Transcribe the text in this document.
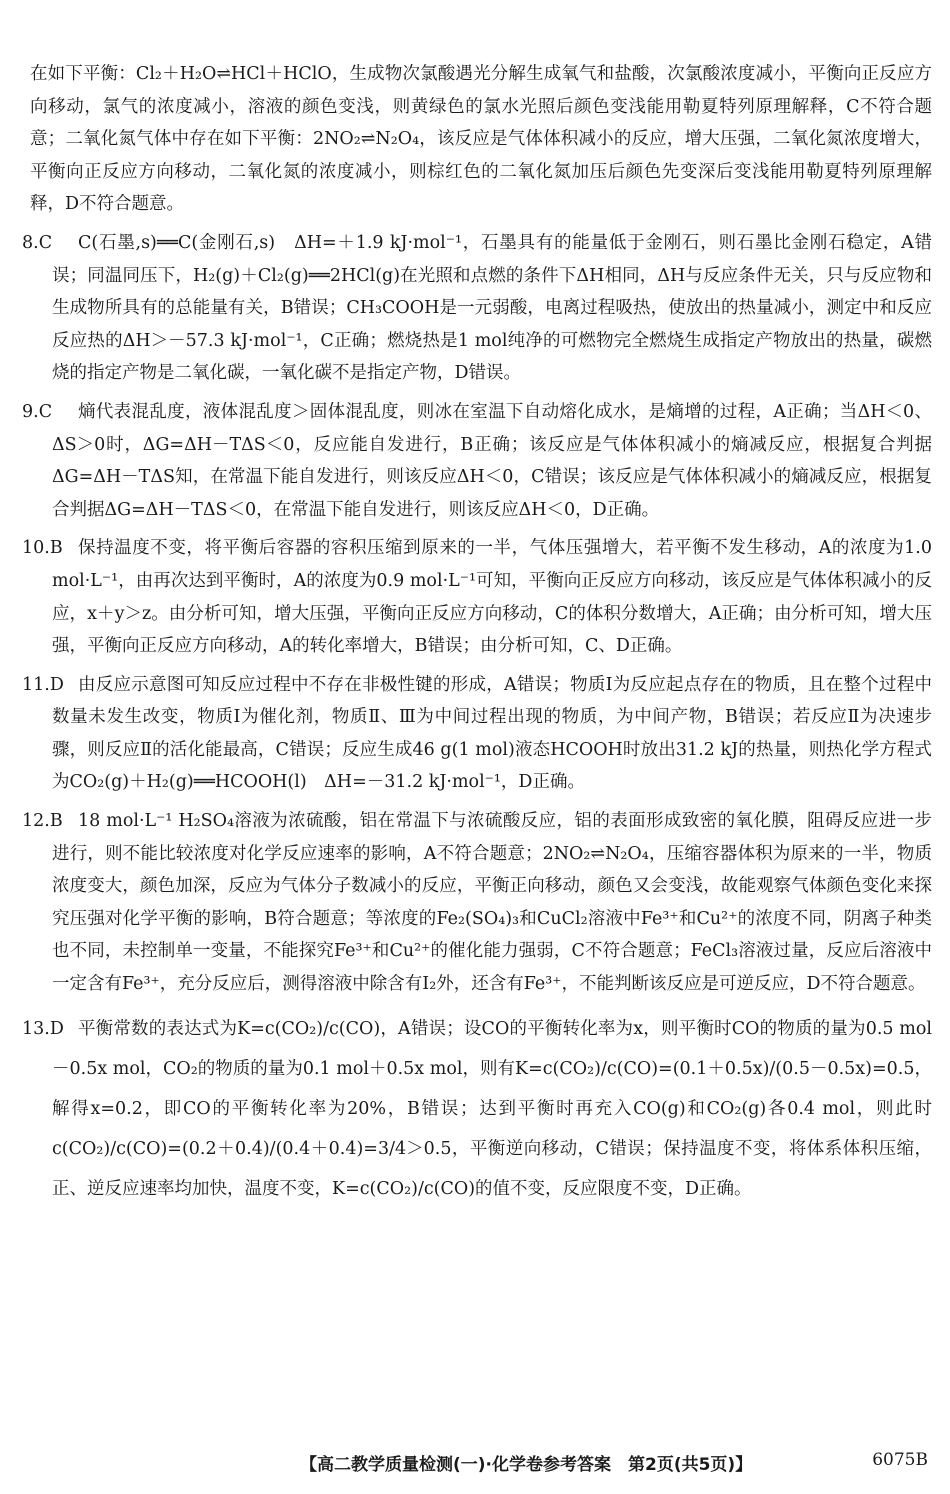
在如下平衡：Cl₂＋H₂O⇌HCl＋HClO，生成物次氯酸遇光分解生成氧气和盐酸，次氯酸浓度减小，平衡向正反应方向移动，氯气的浓度减小，溶液的颜色变浅，则黄绿色的氯水光照后颜色变浅能用勒夏特列原理解释，C不符合题意；二氧化氮气体中存在如下平衡：2NO₂⇌N₂O₄，该反应是气体体积减小的反应，增大压强，二氧化氮浓度增大，平衡向正反应方向移动，二氧化氮的浓度减小，则棕红色的二氧化氮加压后颜色先变深后变浅能用勒夏特列原理解释，D不符合题意。

8.C C(石墨,s)══C(金刚石,s)　ΔH=＋1.9 kJ·mol⁻¹，石墨具有的能量低于金刚石，则石墨比金刚石稳定，A错误；同温同压下，H₂(g)＋Cl₂(g)══2HCl(g)在光照和点燃的条件下ΔH相同，ΔH与反应条件无关，只与反应物和生成物所具有的总能量有关，B错误；CH₃COOH是一元弱酸，电离过程吸热，使放出的热量减小，测定中和反应反应热的ΔH＞－57.3 kJ·mol⁻¹，C正确；燃烧热是1 mol纯净的可燃物完全燃烧生成指定产物放出的热量，碳燃烧的指定产物是二氧化碳，一氧化碳不是指定产物，D错误。
9.C 熵代表混乱度，液体混乱度＞固体混乱度，则冰在室温下自动熔化成水，是熵增的过程，A正确；当ΔH＜0、ΔS＞0时，ΔG=ΔH－TΔS＜0，反应能自发进行，B正确；该反应是气体体积减小的熵减反应，根据复合判据ΔG=ΔH－TΔS知，在常温下能自发进行，则该反应ΔH＜0，C错误；该反应是气体体积减小的熵减反应，根据复合判据ΔG=ΔH－TΔS＜0，在常温下能自发进行，则该反应ΔH＜0，D正确。
10.B 保持温度不变，将平衡后容器的容积压缩到原来的一半，气体压强增大，若平衡不发生移动，A的浓度为1.0 mol·L⁻¹，由再次达到平衡时，A的浓度为0.9 mol·L⁻¹可知，平衡向正反应方向移动，该反应是气体体积减小的反应，x＋y＞z。由分析可知，增大压强，平衡向正反应方向移动，C的体积分数增大，A正确；由分析可知，增大压强，平衡向正反应方向移动，A的转化率增大，B错误；由分析可知，C、D正确。
11.D 由反应示意图可知反应过程中不存在非极性键的形成，A错误；物质Ⅰ为反应起点存在的物质，且在整个过程中数量未发生改变，物质Ⅰ为催化剂，物质Ⅱ、Ⅲ为中间过程出现的物质，为中间产物，B错误；若反应Ⅱ为决速步骤，则反应Ⅱ的活化能最高，C错误；反应生成46 g(1 mol)液态HCOOH时放出31.2 kJ的热量，则热化学方程式为CO₂(g)＋H₂(g)══HCOOH(l)　ΔH=－31.2 kJ·mol⁻¹，D正确。
12.B 18 mol·L⁻¹ H₂SO₄溶液为浓硫酸，铝在常温下与浓硫酸反应，铝的表面形成致密的氧化膜，阻碍反应进一步进行，则不能比较浓度对化学反应速率的影响，A不符合题意；2NO₂⇌N₂O₄，压缩容器体积为原来的一半，物质浓度变大，颜色加深，反应为气体分子数减小的反应，平衡正向移动，颜色又会变浅，故能观察气体颜色变化来探究压强对化学平衡的影响，B符合题意；等浓度的Fe₂(SO₄)₃和CuCl₂溶液中Fe³⁺和Cu²⁺的浓度不同，阴离子种类也不同，未控制单一变量，不能探究Fe³⁺和Cu²⁺的催化能力强弱，C不符合题意；FeCl₃溶液过量，反应后溶液中一定含有Fe³⁺，充分反应后，测得溶液中除含有I₂外，还含有Fe³⁺，不能判断该反应是可逆反应，D不符合题意。
13.D 平衡常数的表达式为K=c(CO₂)/c(CO)，A错误；设CO的平衡转化率为x，则平衡时CO的物质的量为0.5 mol－0.5x mol，CO₂的物质的量为0.1 mol＋0.5x mol，则有K=c(CO₂)/c(CO)=(0.1＋0.5x)/(0.5－0.5x)=0.5，解得x=0.2，即CO的平衡转化率为20%，B错误；达到平衡时再充入CO(g)和CO₂(g)各0.4 mol，则此时c(CO₂)/c(CO)=(0.2＋0.4)/(0.4＋0.4)=3/4＞0.5，平衡逆向移动，C错误；保持温度不变，将体系体积压缩，正、逆反应速率均加快，温度不变，K=c(CO₂)/c(CO)的值不变，反应限度不变，D正确。
【高二教学质量检测(一)·化学卷参考答案　第2页(共5页)】	6075B
